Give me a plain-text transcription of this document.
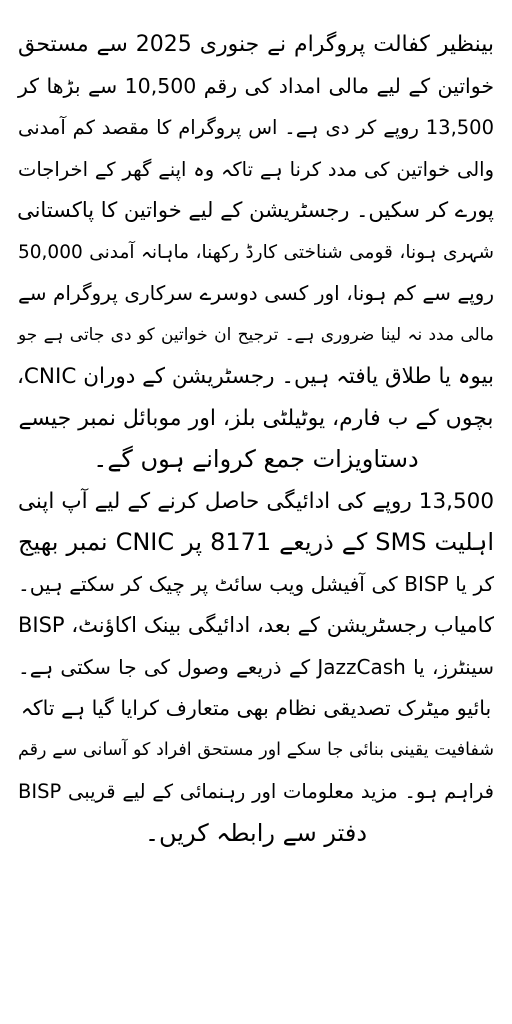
بینظیر کفالت پروگرام نے جنوری 2025 سے مستحق
خواتین کے لیے مالی امداد کی رقم 10,500 سے بڑھا کر
13,500 روپے کر دی ہے۔ اس پروگرام کا مقصد کم آمدنی
والی خواتین کی مدد کرنا ہے تاکہ وہ اپنے گھر کے اخراجات
پورے کر سکیں۔ رجسٹریشن کے لیے خواتین کا پاکستانی
شہری ہونا، قومی شناختی کارڈ رکھنا، ماہانہ آمدنی 50,000
روپے سے کم ہونا، اور کسی دوسرے سرکاری پروگرام سے
مالی مدد نہ لینا ضروری ہے۔ ترجیح ان خواتین کو دی جاتی ہے جو
بیوہ یا طلاق یافتہ ہیں۔ رجسٹریشن کے دوران CNIC،
بچوں کے ب فارم، یوٹیلٹی بلز، اور موبائل نمبر جیسے
دستاویزات جمع کروانے ہوں گے۔
13,500 روپے کی ادائیگی حاصل کرنے کے لیے آپ اپنی
اہلیت SMS کے ذریعے 8171 پر CNIC نمبر بھیج
کر یا BISP کی آفیشل ویب سائٹ پر چیک کر سکتے ہیں۔
کامیاب رجسٹریشن کے بعد، ادائیگی بینک اکاؤنٹ، BISP
سینٹرز، یا JazzCash کے ذریعے وصول کی جا سکتی ہے۔
بائیو میٹرک تصدیقی نظام بھی متعارف کرایا گیا ہے تاکہ
شفافیت یقینی بنائی جا سکے اور مستحق افراد کو آسانی سے رقم
فراہم ہو۔ مزید معلومات اور رہنمائی کے لیے قریبی BISP
دفتر سے رابطہ کریں۔
